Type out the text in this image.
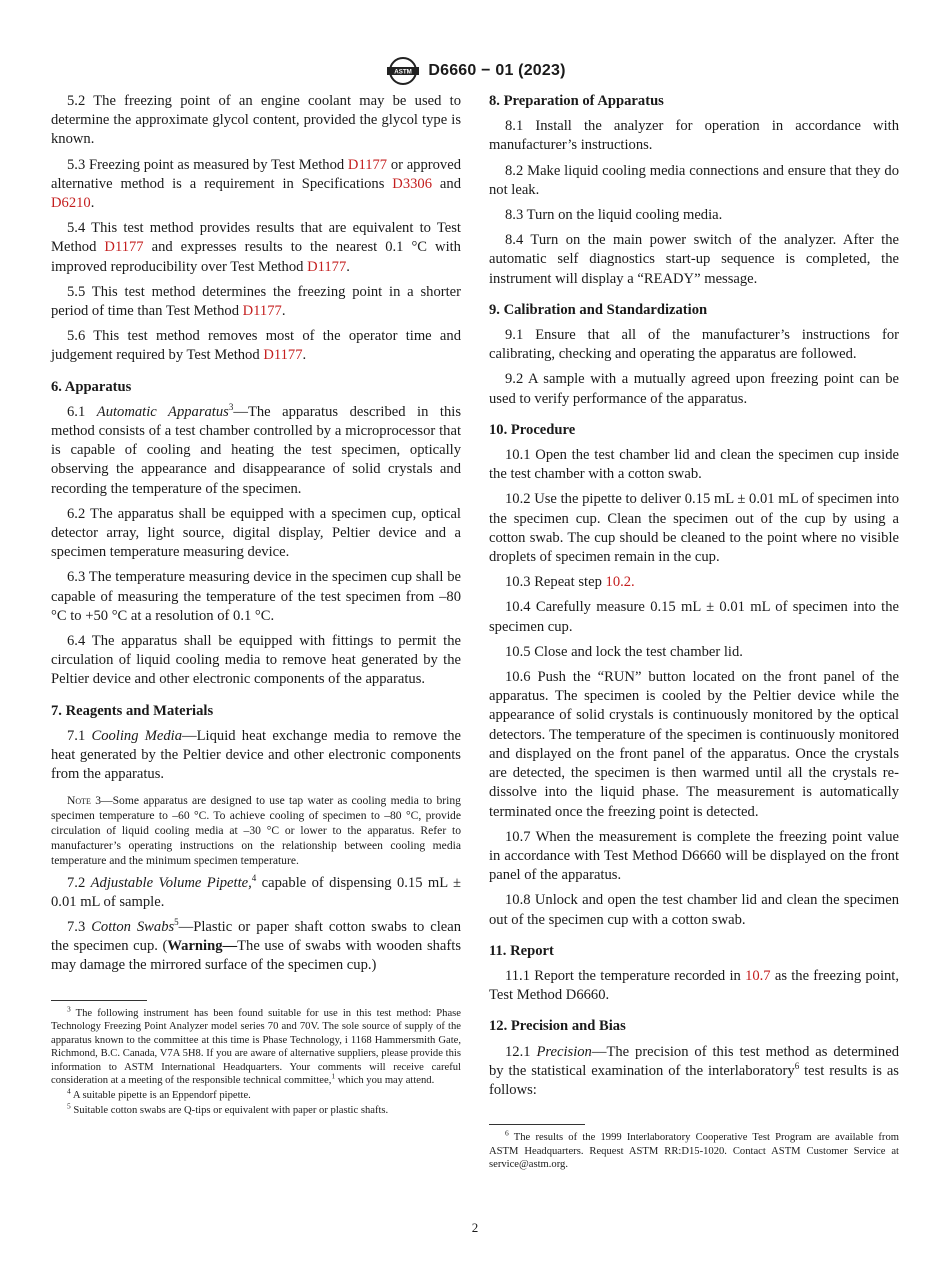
ASTM D6660 − 01 (2023)

5.2 The freezing point of an engine coolant may be used to determine the approximate glycol content, provided the glycol type is known.

5.3 Freezing point as measured by Test Method D1177 or approved alternative method is a requirement in Specifications D3306 and D6210.

5.4 This test method provides results that are equivalent to Test Method D1177 and expresses results to the nearest 0.1 °C with improved reproducibility over Test Method D1177.

5.5 This test method determines the freezing point in a shorter period of time than Test Method D1177.

5.6 This test method removes most of the operator time and judgement required by Test Method D1177.

6. Apparatus

6.1 Automatic Apparatus$^3$—The apparatus described in this method consists of a test chamber controlled by a microprocessor that is capable of cooling and heating the test specimen, optically observing the appearance and disappearance of solid crystals and recording the temperature of the specimen.

6.2 The apparatus shall be equipped with a specimen cup, optical detector array, light source, digital display, Peltier device and a specimen temperature measuring device.

6.3 The temperature measuring device in the specimen cup shall be capable of measuring the temperature of the test specimen from –80 °C to +50 °C at a resolution of 0.1 °C.

6.4 The apparatus shall be equipped with fittings to permit the circulation of liquid cooling media to remove heat generated by the Peltier device and other electronic components of the apparatus.

7. Reagents and Materials

7.1 Cooling Media—Liquid heat exchange media to remove the heat generated by the Peltier device and other electronic components from the apparatus.

Note 3—Some apparatus are designed to use tap water as cooling media to bring specimen temperature to –60 °C. To achieve cooling of specimen to –80 °C, provide circulation of liquid cooling media at –30 °C or lower to the apparatus. Refer to manufacturer’s operating instructions on the relationship between cooling media temperature and the minimum specimen temperature.

7.2 Adjustable Volume Pipette,$^4$ capable of dispensing 0.15 mL ± 0.01 mL of sample.

7.3 Cotton Swabs$^5$—Plastic or paper shaft cotton swabs to clean the specimen cup. (Warning—The use of swabs with wooden shafts may damage the mirrored surface of the specimen cup.)

$^3$ The following instrument has been found suitable for use in this test method: Phase Technology Freezing Point Analyzer model series 70 and 70V. The sole source of supply of the apparatus known to the committee at this time is Phase Technology, i 1168 Hammersmith Gate, Richmond, B.C. Canada, V7A 5H8. If you are aware of alternative suppliers, please provide this information to ASTM International Headquarters. Your comments will receive careful consideration at a meeting of the responsible technical committee,$^1$ which you may attend.
$^4$ A suitable pipette is an Eppendorf pipette.
$^5$ Suitable cotton swabs are Q-tips or equivalent with paper or plastic shafts.
8. Preparation of Apparatus

8.1 Install the analyzer for operation in accordance with manufacturer’s instructions.

8.2 Make liquid cooling media connections and ensure that they do not leak.

8.3 Turn on the liquid cooling media.

8.4 Turn on the main power switch of the analyzer. After the automatic self diagnostics start-up sequence is completed, the instrument will display a “READY” message.

9. Calibration and Standardization

9.1 Ensure that all of the manufacturer’s instructions for calibrating, checking and operating the apparatus are followed.

9.2 A sample with a mutually agreed upon freezing point can be used to verify performance of the apparatus.

10. Procedure

10.1 Open the test chamber lid and clean the specimen cup inside the test chamber with a cotton swab.

10.2 Use the pipette to deliver 0.15 mL ± 0.01 mL of specimen into the specimen cup. Clean the specimen out of the cup by using a cotton swab. The cup should be cleaned to the point where no visible droplets of specimen remain in the cup.

10.3 Repeat step 10.2.

10.4 Carefully measure 0.15 mL ± 0.01 mL of specimen into the specimen cup.

10.5 Close and lock the test chamber lid.

10.6 Push the “RUN” button located on the front panel of the apparatus. The specimen is cooled by the Peltier device while the appearance of solid crystals is continuously monitored by the optical detectors. The temperature of the specimen is continuously monitored and displayed on the front panel of the apparatus. Once the crystals are detected, the specimen is then warmed until all the crystals re-dissolve into the liquid phase. The measurement is automatically terminated once the freezing point is detected.

10.7 When the measurement is complete the freezing point value in accordance with Test Method D6660 will be displayed on the front panel of the apparatus.

10.8 Unlock and open the test chamber lid and clean the specimen out of the specimen cup with a cotton swab.

11. Report

11.1 Report the temperature recorded in 10.7 as the freezing point, Test Method D6660.

12. Precision and Bias

12.1 Precision—The precision of this test method as determined by the statistical examination of the interlaboratory$^6$ test results is as follows:

$^6$ The results of the 1999 Interlaboratory Cooperative Test Program are available from ASTM Headquarters. Request ASTM RR:D15-1020. Contact ASTM Customer Service at service@astm.org.
2
